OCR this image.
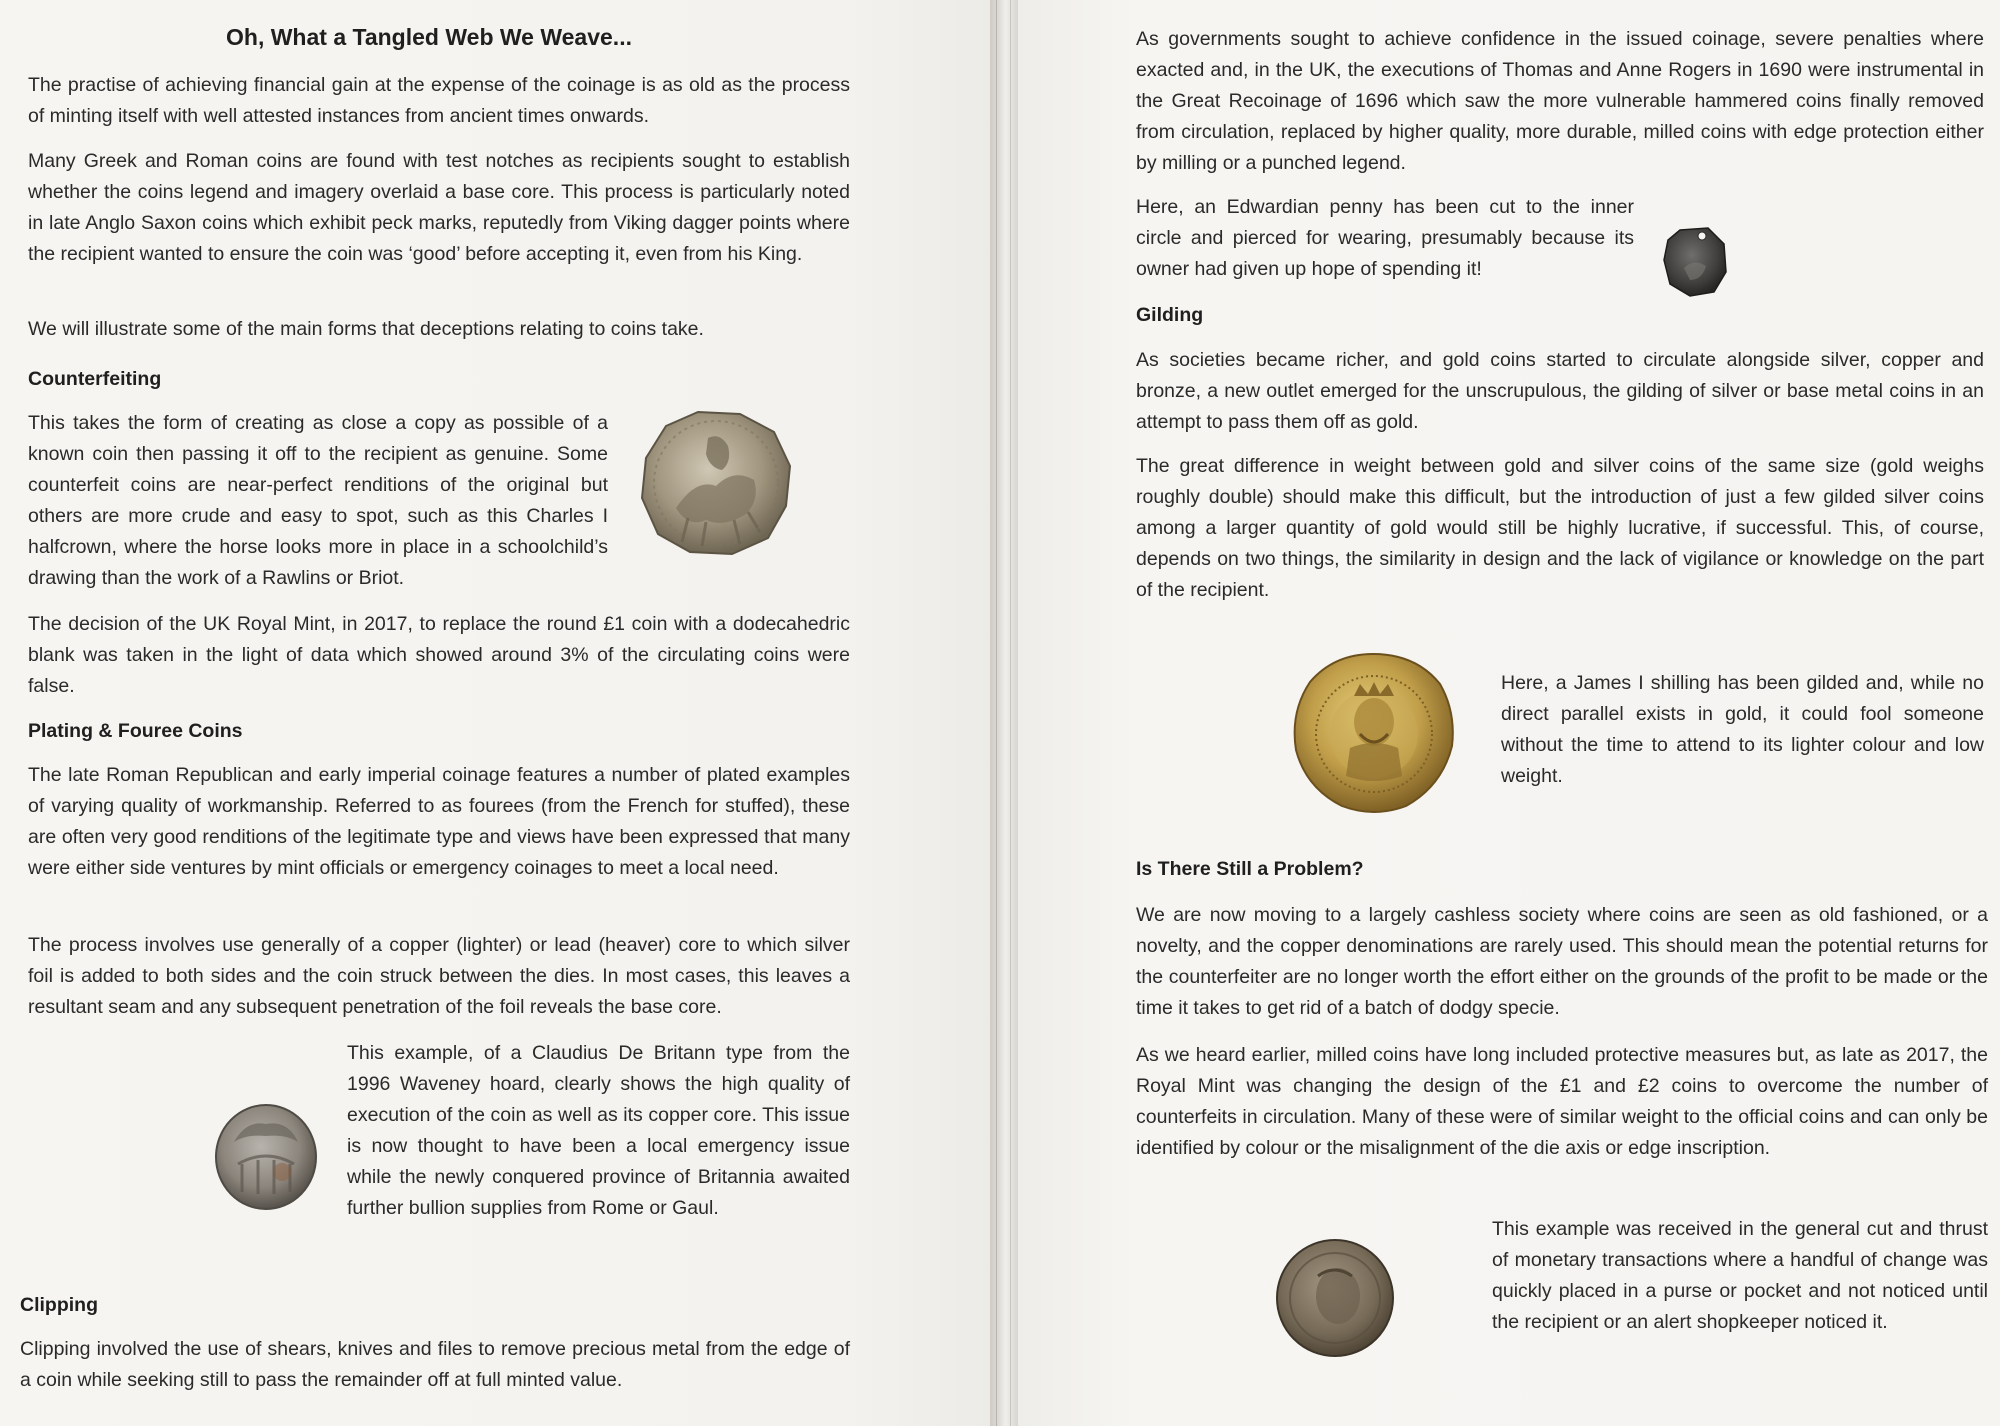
Oh, What a Tangled Web We Weave...

The practise of achieving financial gain at the expense of the coinage is as old as the process of minting itself with well attested instances from ancient times onwards.

Many Greek and Roman coins are found with test notches as recipients sought to establish whether the coins legend and imagery overlaid a base core. This process is particularly noted in late Anglo Saxon coins which exhibit peck marks, reputedly from Viking dagger points where the recipient wanted to ensure the coin was ‘good’ before accepting it, even from his King.

We will illustrate some of the main forms that deceptions relating to coins take.

Counterfeiting

This takes the form of creating as close a copy as possible of a known coin then passing it off to the recipient as genuine. Some counterfeit coins are near-perfect renditions of the original but others are more crude and easy to spot, such as this Charles I halfcrown, where the horse looks more in place in a schoolchild’s drawing than the work of a Rawlins or Briot.

The decision of the UK Royal Mint, in 2017, to replace the round £1 coin with a dodecahedric blank was taken in the light of data which showed around 3% of the circulating coins were false.

Plating & Fouree Coins

The late Roman Republican and early imperial coinage features a number of plated examples of varying quality of workmanship. Referred to as fourees (from the French for stuffed), these are often very good renditions of the legitimate type and views have been expressed that many were either side ventures by mint officials or emergency coinages to meet a local need.

The process involves use generally of a copper (lighter) or lead (heaver) core to which silver foil is added to both sides and the coin struck between the dies. In most cases, this leaves a resultant seam and any subsequent penetration of the foil reveals the base core.

This example, of a Claudius De Britann type from the 1996 Waveney hoard, clearly shows the high quality of execution of the coin as well as its copper core. This issue is now thought to have been a local emergency issue while the newly conquered province of Britannia awaited further bullion supplies from Rome or Gaul.

Clipping

Clipping involved the use of shears, knives and files to remove precious metal from the edge of a coin while seeking still to pass the remainder off at full minted value.

As governments sought to achieve confidence in the issued coinage, severe penalties where exacted and, in the UK, the executions of Thomas and Anne Rogers in 1690 were instrumental in the Great Recoinage of 1696 which saw the more vulnerable hammered coins finally removed from circulation, replaced by higher quality, more durable, milled coins with edge protection either by milling or a punched legend.

Here, an Edwardian penny has been cut to the inner circle and pierced for wearing, presumably because its owner had given up hope of spending it!

Gilding

As societies became richer, and gold coins started to circulate alongside silver, copper and bronze, a new outlet emerged for the unscrupulous, the gilding of silver or base metal coins in an attempt to pass them off as gold.

The great difference in weight between gold and silver coins of the same size (gold weighs roughly double) should make this difficult, but the introduction of just a few gilded silver coins among a larger quantity of gold would still be highly lucrative, if successful. This, of course, depends on two things, the similarity in design and the lack of vigilance or knowledge on the part of the recipient.

Here, a James I shilling has been gilded and, while no direct parallel exists in gold, it could fool someone without the time to attend to its lighter colour and low weight.

Is There Still a Problem?

We are now moving to a largely cashless society where coins are seen as old fashioned, or a novelty, and the copper denominations are rarely used. This should mean the potential returns for the counterfeiter are no longer worth the effort either on the grounds of the profit to be made or the time it takes to get rid of a batch of dodgy specie.

As we heard earlier, milled coins have long included protective measures but, as late as 2017, the Royal Mint was changing the design of the £1 and £2 coins to overcome the number of counterfeits in circulation. Many of these were of similar weight to the official coins and can only be identified by colour or the misalignment of the die axis or edge inscription.

This example was received in the general cut and thrust of monetary transactions where a handful of change was quickly placed in a purse or pocket and not noticed until the recipient or an alert shopkeeper noticed it.
